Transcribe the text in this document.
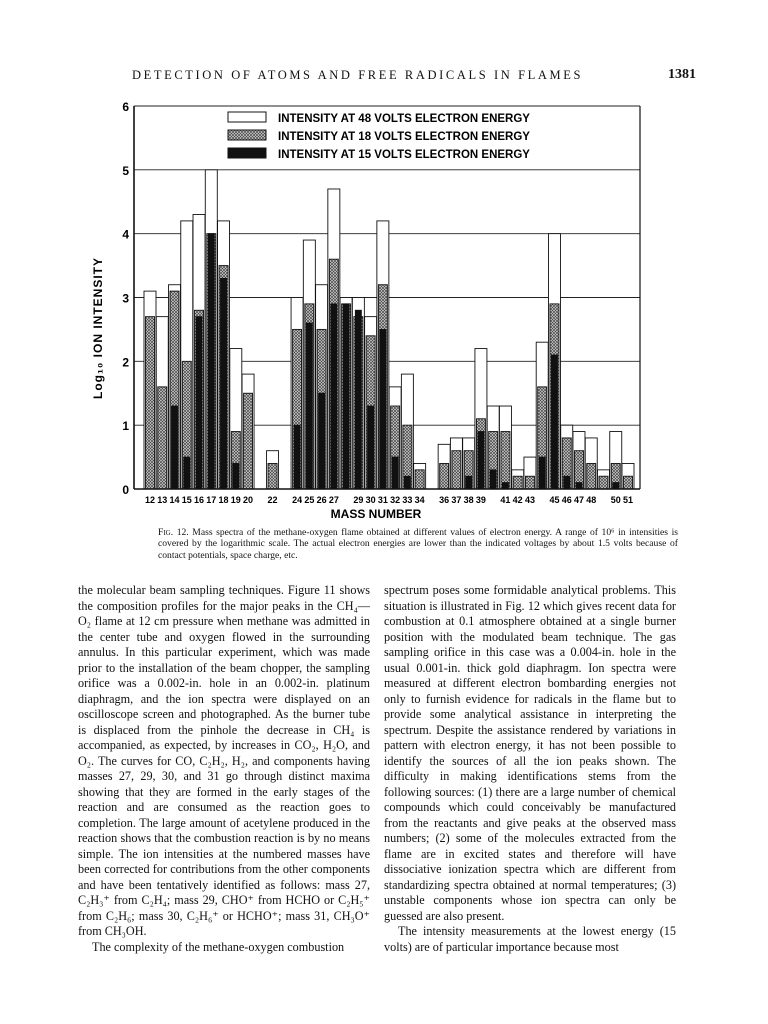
DETECTION OF ATOMS AND FREE RADICALS IN FLAMES	1381
0
1
2
3
4
5
6
12 13 14 15 16 17 18 19 20 22 24 25 26 27 29 30 31 32 33 34 36 37 38 39 41 42 43 45 46 47 48 50 51
INTENSITY AT 48 VOLTS ELECTRON ENERGY
INTENSITY AT 18 VOLTS ELECTRON ENERGY
INTENSITY AT 15 VOLTS ELECTRON ENERGY
MASS NUMBER
Log₁₀ ION INTENSITY
Fig. 12. Mass spectra of the methane-oxygen flame obtained at different values of electron energy. A range of 10⁶ in intensities is covered by the logarithmic scale. The actual electron energies are lower than the indicated voltages by about 1.5 volts because of contact potentials, space charge, etc.

the molecular beam sampling techniques. Figure 11 shows the composition profiles for the major peaks in the CH₄—O₂ flame at 12 cm pressure when methane was admitted in the center tube and oxygen flowed in the surrounding annulus. In this particular experiment, which was made prior to the installation of the beam chopper, the sampling orifice was a 0.002-in. hole in an 0.002-in. platinum diaphragm, and the ion spectra were displayed on an oscilloscope screen and photographed. As the burner tube is displaced from the pinhole the decrease in CH₄ is accompanied, as expected, by increases in CO₂, H₂O, and O₂. The curves for CO, C₂H₂, H₂, and components having masses 27, 29, 30, and 31 go through distinct maxima showing that they are formed in the early stages of the reaction and are consumed as the reaction goes to completion. The large amount of acetylene produced in the reaction shows that the combustion reaction is by no means simple. The ion intensities at the numbered masses have been corrected for contributions from the other components and have been tentatively identified as follows: mass 27, C₂H₃⁺ from C₂H₄; mass 29, CHO⁺ from HCHO or C₂H₅⁺ from C₂H₆; mass 30, C₂H₆⁺ or HCHO⁺; mass 31, CH₃O⁺ from CH₃OH.

The complexity of the methane-oxygen combustion

spectrum poses some formidable analytical problems. This situation is illustrated in Fig. 12 which gives recent data for combustion at 0.1 atmosphere obtained at a single burner position with the modulated beam technique. The gas sampling orifice in this case was a 0.004-in. hole in the usual 0.001-in. thick gold diaphragm. Ion spectra were measured at different electron bombarding energies not only to furnish evidence for radicals in the flame but to provide some analytical assistance in interpreting the spectrum. Despite the assistance rendered by variations in pattern with electron energy, it has not been possible to identify the sources of all the ion peaks shown. The difficulty in making identifications stems from the following sources: (1) there are a large number of chemical compounds which could conceivably be manufactured from the reactants and give peaks at the observed mass numbers; (2) some of the molecules extracted from the flame are in excited states and therefore will have dissociative ionization spectra which are different from standardizing spectra obtained at normal temperatures; (3) unstable components whose ion spectra can only be guessed are also present.

The intensity measurements at the lowest energy (15 volts) are of particular importance because most
